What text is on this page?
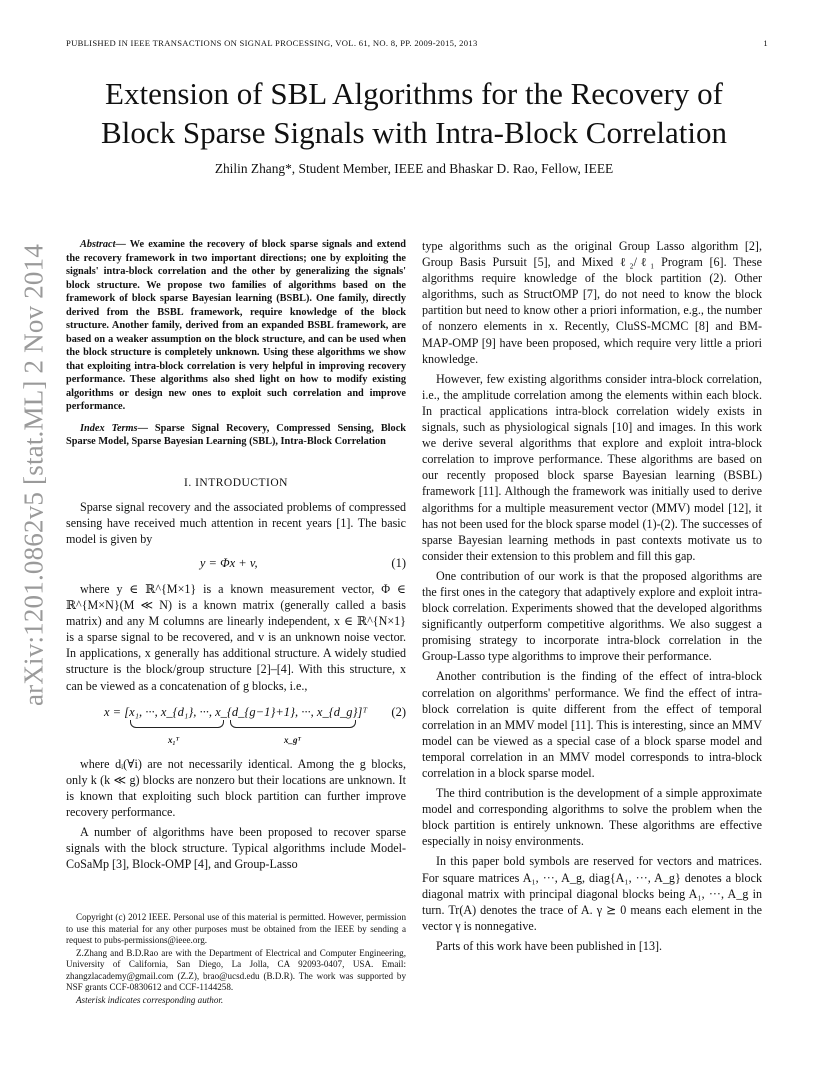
PUBLISHED IN IEEE TRANSACTIONS ON SIGNAL PROCESSING, VOL. 61, NO. 8, PP. 2009-2015, 2013	1
Extension of SBL Algorithms for the Recovery of
Block Sparse Signals with Intra-Block Correlation
Zhilin Zhang*, Student Member, IEEE and Bhaskar D. Rao, Fellow, IEEE
arXiv:1201.0862v5 [stat.ML] 2 Nov 2014	Abstract— We examine the recovery of block sparse signals and extend the recovery framework in two important directions; one by exploiting the signals' intra-block correlation and the other by generalizing the signals' block structure. We propose two families of algorithms based on the framework of block sparse Bayesian learning (BSBL). One family, directly derived from the BSBL framework, require knowledge of the block structure. Another family, derived from an expanded BSBL framework, are based on a weaker assumption on the block structure, and can be used when the block structure is completely unknown. Using these algorithms we show that exploiting intra-block correlation is very helpful in improving recovery performance. These algorithms also shed light on how to modify existing algorithms or design new ones to exploit such correlation and improve performance.
Index Terms— Sparse Signal Recovery, Compressed Sensing, Block Sparse Model, Sparse Bayesian Learning (SBL), Intra-Block Correlation
I. INTRODUCTION

Sparse signal recovery and the associated problems of compressed sensing have received much attention in recent years [1]. The basic model is given by

y = Φx + v,	(1)

where y ∈ ℝ^{M×1} is a known measurement vector, Φ ∈ ℝ^{M×N}(M ≪ N) is a known matrix (generally called a basis matrix) and any M columns are linearly independent, x ∈ ℝ^{N×1} is a sparse signal to be recovered, and v is an unknown noise vector. In applications, x generally has additional structure. A widely studied structure is the block/group structure [2]–[4]. With this structure, x can be viewed as a concatenation of g blocks, i.e.,

x = [x₁, ···, x_{d₁}, ···, x_{d_{g−1}+1}, ···, x_{d_g}]ᵀ
x₁ᵀ	x_gᵀ
(2)

where dᵢ(∀i) are not necessarily identical. Among the g blocks, only k (k ≪ g) blocks are nonzero but their locations are unknown. It is known that exploiting such block partition can further improve recovery performance.

A number of algorithms have been proposed to recover sparse signals with the block structure. Typical algorithms include Model-CoSaMp [3], Block-OMP [4], and Group-Lasso

Copyright (c) 2012 IEEE. Personal use of this material is permitted. However, permission to use this material for any other purposes must be obtained from the IEEE by sending a request to pubs-permissions@ieee.org.

Z.Zhang and B.D.Rao are with the Department of Electrical and Computer Engineering, University of California, San Diego, La Jolla, CA 92093-0407, USA. Email: zhangzlacademy@gmail.com (Z.Z), brao@ucsd.edu (B.D.R). The work was supported by NSF grants CCF-0830612 and CCF-1144258.

Asterisk indicates corresponding author.

type algorithms such as the original Group Lasso algorithm [2], Group Basis Pursuit [5], and Mixed ℓ₂/ℓ₁ Program [6]. These algorithms require knowledge of the block partition (2). Other algorithms, such as StructOMP [7], do not need to know the block partition but need to know other a priori information, e.g., the number of nonzero elements in x. Recently, CluSS-MCMC [8] and BM-MAP-OMP [9] have been proposed, which require very little a priori knowledge.

However, few existing algorithms consider intra-block correlation, i.e., the amplitude correlation among the elements within each block. In practical applications intra-block correlation widely exists in signals, such as physiological signals [10] and images. In this work we derive several algorithms that explore and exploit intra-block correlation to improve performance. These algorithms are based on our recently proposed block sparse Bayesian learning (BSBL) framework [11]. Although the framework was initially used to derive algorithms for a multiple measurement vector (MMV) model [12], it has not been used for the block sparse model (1)-(2). The successes of sparse Bayesian learning methods in past contexts motivate us to consider their extension to this problem and fill this gap.

One contribution of our work is that the proposed algorithms are the first ones in the category that adaptively explore and exploit intra-block correlation. Experiments showed that the developed algorithms significantly outperform competitive algorithms. We also suggest a promising strategy to incorporate intra-block correlation in the Group-Lasso type algorithms to improve their performance.

Another contribution is the finding of the effect of intra-block correlation on algorithms' performance. We find the effect of intra-block correlation is quite different from the effect of temporal correlation in an MMV model [11]. This is interesting, since an MMV model can be viewed as a special case of a block sparse model and temporal correlation in an MMV model corresponds to intra-block correlation in a block sparse model.

The third contribution is the development of a simple approximate model and corresponding algorithms to solve the problem when the block partition is entirely unknown. These algorithms are effective especially in noisy environments.

In this paper bold symbols are reserved for vectors and matrices. For square matrices A₁, ···, A_g, diag{A₁, ···, A_g} denotes a block diagonal matrix with principal diagonal blocks being A₁, ···, A_g in turn. Tr(A) denotes the trace of A. γ ⪰ 0 means each element in the vector γ is nonnegative.

Parts of this work have been published in [13].
